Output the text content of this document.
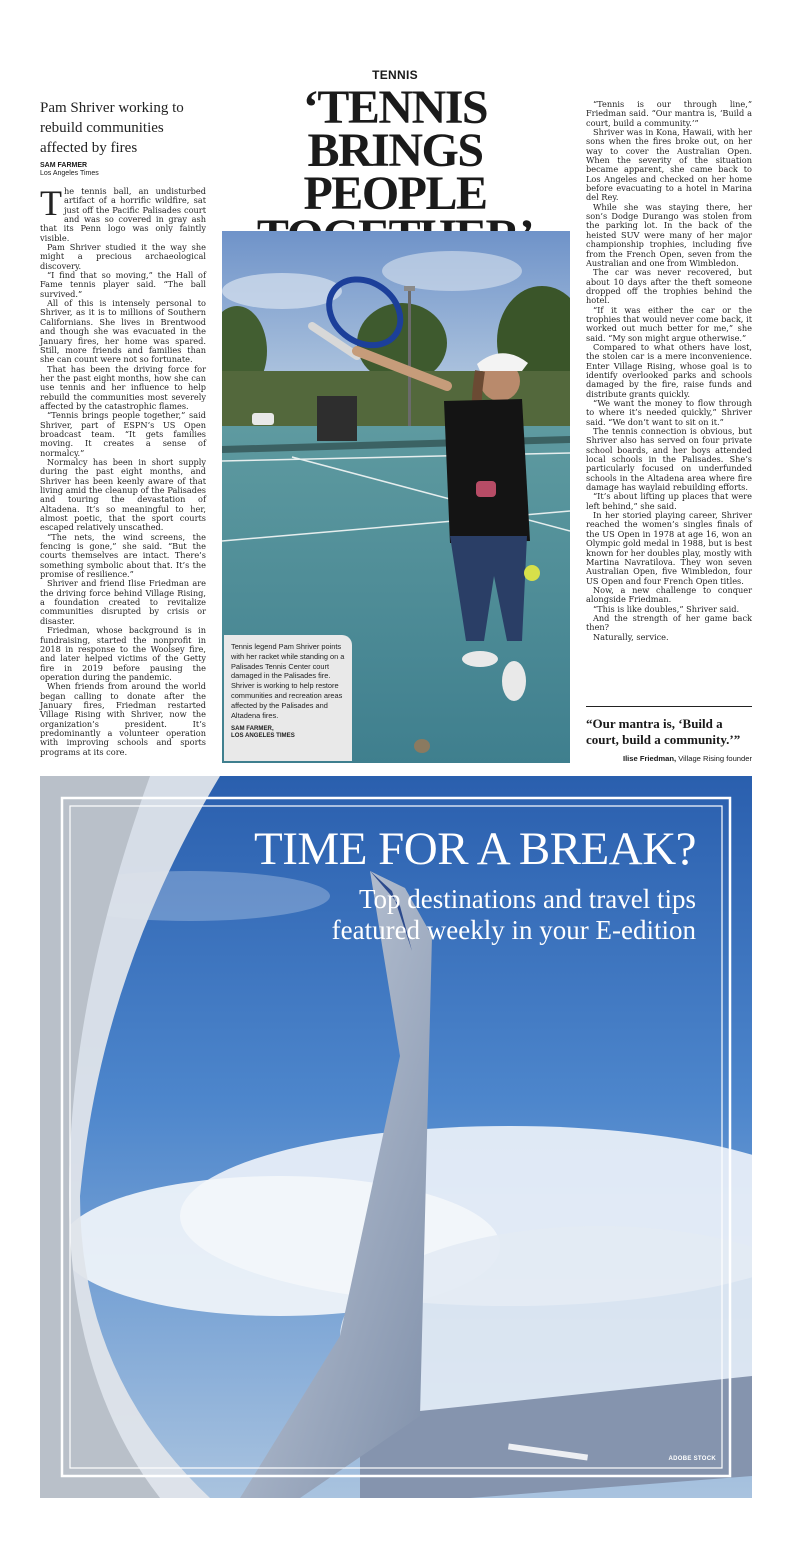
TENNIS
‘TENNIS
BRINGS PEOPLE
Pam Shriver working to rebuild communities affected by fires
SAM FARMER
Los Angeles Times

The tennis ball, an undisturbed artifact of a horrific wildfire, sat just off the Pacific Palisades court and was so covered in gray ash that its Penn logo was only faintly visible.

Pam Shriver studied it the way she might a precious archaeological discovery.

“I find that so moving,” the Hall of Fame tennis player said. “The ball survived.”

All of this is intensely personal to Shriver, as it is to millions of Southern Californians. She lives in Brentwood and though she was evacuated in the January fires, her home was spared. Still, more friends and families than she can count were not so fortunate.

That has been the driving force for her the past eight months, how she can use tennis and her influence to help rebuild the communities most severely affected by the catastrophic flames.

“Tennis brings people together,” said Shriver, part of ESPN’s US Open broadcast team. “It gets families moving. It creates a sense of normalcy.”

Normalcy has been in short supply during the past eight months, and Shriver has been keenly aware of that living amid the cleanup of the Palisades and touring the devastation of Altadena. It’s so meaningful to her, almost poetic, that the sport courts escaped relatively unscathed.

“The nets, the wind screens, the fencing is gone,” she said. “But the courts themselves are intact. There’s something symbolic about that. It’s the promise of resilience.”

Shriver and friend Ilise Friedman are the driving force behind Village Rising, a foundation created to revitalize communities disrupted by crisis or disaster.

Friedman, whose background is in fundraising, started the nonprofit in 2018 in response to the Woolsey fire, and later helped victims of the Getty fire in 2019 before pausing the operation during the pandemic.

When friends from around the world began calling to donate after the January fires, Friedman restarted Village Rising with Shriver, now the organization’s president. It’s predominantly a volunteer operation with improving schools and sports programs at its core.

Tennis legend Pam Shriver points with her racket while standing on a Palisades Tennis Center court damaged in the Palisades fire. Shriver is working to help restore communities and recreation areas affected by the Palisades and Altadena fires.
SAM FARMER,
LOS ANGELES TIMES

“Tennis is our through line,” Friedman said. “Our mantra is, ‘Build a court, build a community.’”

Shriver was in Kona, Hawaii, with her sons when the fires broke out, on her way to cover the Australian Open. When the severity of the situation became apparent, she came back to Los Angeles and checked on her home before evacuating to a hotel in Marina del Rey.

While she was staying there, her son’s Dodge Durango was stolen from the parking lot. In the back of the heisted SUV were many of her major championship trophies, including five from the French Open, seven from the Australian and one from Wimbledon.

The car was never recovered, but about 10 days after the theft someone dropped off the trophies behind the hotel.

“If it was either the car or the trophies that would never come back, it worked out much better for me,” she said. “My son might argue otherwise.”

Compared to what others have lost, the stolen car is a mere inconvenience. Enter Village Rising, whose goal is to identify overlooked parks and schools damaged by the fire, raise funds and distribute grants quickly.

“We want the money to flow through to where it’s needed quickly,” Shriver said. “We don’t want to sit on it.”

The tennis connection is obvious, but Shriver also has served on four private school boards, and her boys attended local schools in the Palisades. She’s particularly focused on underfunded schools in the Altadena area where fire damage has waylaid rebuilding efforts.

“It’s about lifting up places that were left behind,” she said.

In her storied playing career, Shriver reached the women’s singles finals of the US Open in 1978 at age 16, won an Olympic gold medal in 1988, but is best known for her doubles play, mostly with Martina Navratilova. They won seven Australian Open, five Wimbledon, four US Open and four French Open titles.

Now, a new challenge to conquer alongside Friedman.

“This is like doubles,” Shriver said.

And the strength of her game back then?

Naturally, service.

“Our mantra is, ‘Build a court, build a community.’”
Ilise Friedman, Village Rising founder
TIME FOR A BREAK?
Top destinations and travel tips
featured weekly in your E-edition
ADOBE STOCK
